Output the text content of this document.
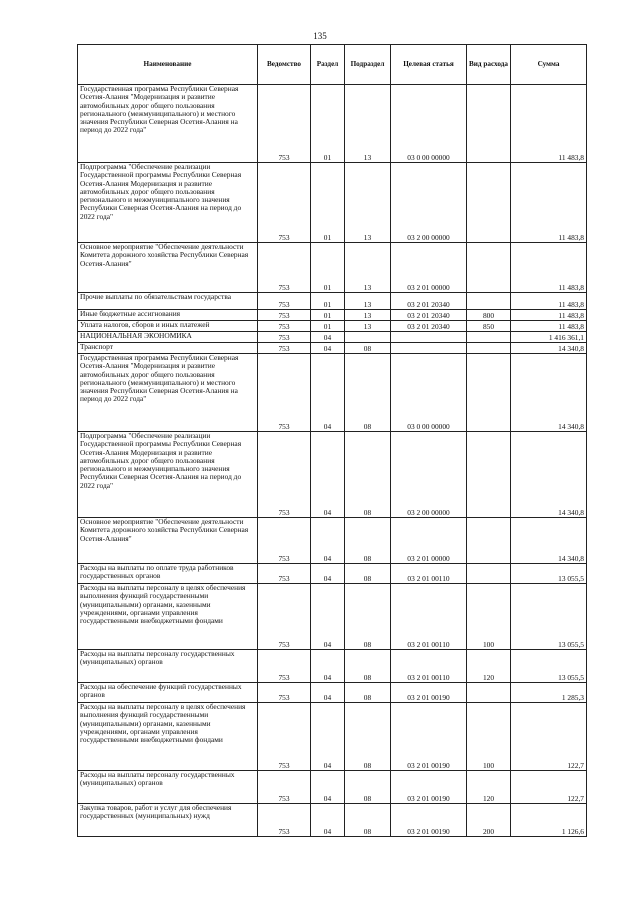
135
Наименование	Ведомство	Раздел	Подраздел	Целевая статья	Вид расхода	Сумма

Государственная программа Республики Северная Осетия-Алания "Модернизация и развитие автомобильных дорог общего пользования регионального (межмуниципального) и местного значения Республики Северная Осетия-Алания на период до 2022 года"	753	01	13	03 0 00 00000		11 483,8

Подпрограмма "Обеспечение реализации Государственной программы Республики Северная Осетия-Алания Модернизация и развитие автомобильных дорог общего пользования регионального и межмуниципального значения Республики Северная Осетия-Алания на период до 2022 года"	753	01	13	03 2 00 00000		11 483,8

Основное мероприятие "Обеспечение деятельности Комитета дорожного хозяйства Республики Северная Осетия-Алания"	753	01	13	03 2 01 00000		11 483,8

Прочие выплаты по обязательствам государства	753	01	13	03 2 01 20340		11 483,8

Иные бюджетные ассигнования	753	01	13	03 2 01 20340	800	11 483,8

Уплата налогов, сборов и иных платежей	753	01	13	03 2 01 20340	850	11 483,8

НАЦИОНАЛЬНАЯ ЭКОНОМИКА	753	04				1 416 361,1

Транспорт	753	04	08			14 340,8

Государственная программа Республики Северная Осетия-Алания "Модернизация и развитие автомобильных дорог общего пользования регионального (межмуниципального) и местного значения Республики Северная Осетия-Алания на период до 2022 года"	753	04	08	03 0 00 00000		14 340,8

Подпрограмма "Обеспечение реализации Государственной программы Республики Северная Осетия-Алания Модернизация и развитие автомобильных дорог общего пользования регионального и межмуниципального значения Республики Северная Осетия-Алания на период до 2022 года"	753	04	08	03 2 00 00000		14 340,8

Основное мероприятие "Обеспечение деятельности Комитета дорожного хозяйства Республики Северная Осетия-Алания"	753	04	08	03 2 01 00000		14 340,8

Расходы на выплаты по оплате труда работников государственных органов	753	04	08	03 2 01 00110		13 055,5

Расходы на выплаты персоналу в целях обеспечения выполнения функций государственными (муниципальными) органами, казенными учреждениями, органами управления государственными внебюджетными фондами	753	04	08	03 2 01 00110	100	13 055,5

Расходы на выплаты персоналу государственных (муниципальных) органов	753	04	08	03 2 01 00110	120	13 055,5

Расходы на обеспечение функций государственных органов	753	04	08	03 2 01 00190		1 285,3

Расходы на выплаты персоналу в целях обеспечения выполнения функций государственными (муниципальными) органами, казенными учреждениями, органами управления государственными внебюджетными фондами	753	04	08	03 2 01 00190	100	122,7

Расходы на выплаты персоналу государственных (муниципальных) органов	753	04	08	03 2 01 00190	120	122,7

Закупка товаров, работ и услуг для обеспечения государственных (муниципальных) нужд	753	04	08	03 2 01 00190	200	1 126,6
